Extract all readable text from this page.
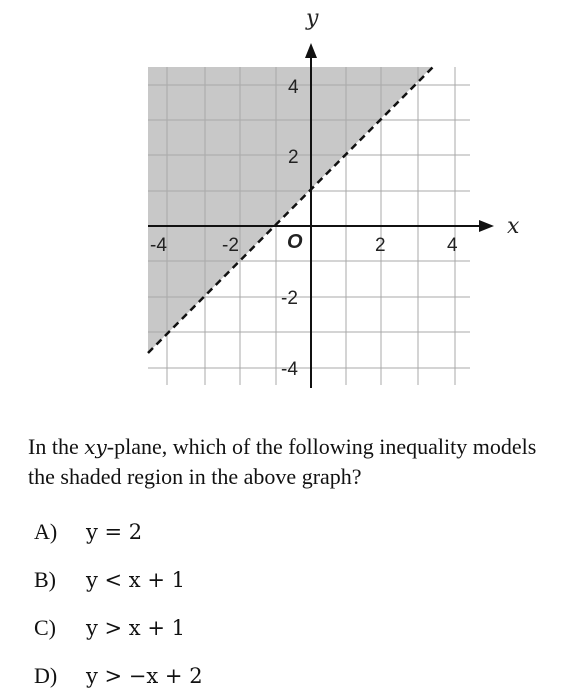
y
x
O
-4	-2	2	4
4
2
-2
-4
In the xy-plane, which of the following inequality models the shaded region in the above graph?
A)	y = 2
B)	y < x + 1
C)	y > x + 1
D)	y > −x + 2
